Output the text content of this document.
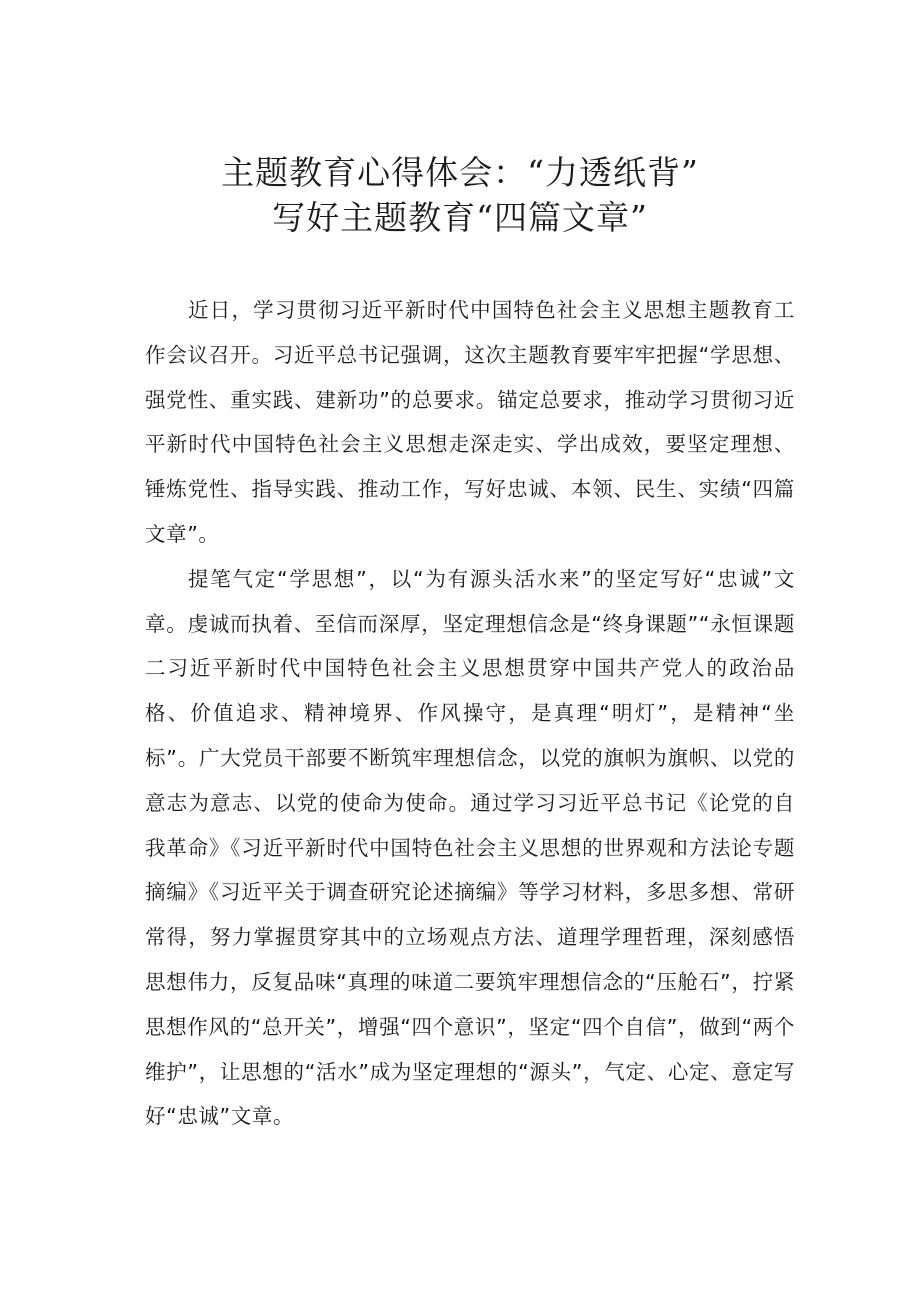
主题教育心得体会：“力透纸背”
写好主题教育“四篇文章”

近日，学习贯彻习近平新时代中国特色社会主义思想主题教育工作会议召开。习近平总书记强调，这次主题教育要牢牢把握“学思想、强党性、重实践、建新功”的总要求。锚定总要求，推动学习贯彻习近平新时代中国特色社会主义思想走深走实、学出成效，要坚定理想、锤炼党性、指导实践、推动工作，写好忠诚、本领、民生、实绩“四篇文章”。

提笔气定“学思想”，以“为有源头活水来”的坚定写好“忠诚”文章。虔诚而执着、至信而深厚，坚定理想信念是“终身课题”“永恒课题二习近平新时代中国特色社会主义思想贯穿中国共产党人的政治品格、价值追求、精神境界、作风操守，是真理“明灯”，是精神“坐标”。广大党员干部要不断筑牢理想信念，以党的旗帜为旗帜、以党的意志为意志、以党的使命为使命。通过学习习近平总书记《论党的自我革命》《习近平新时代中国特色社会主义思想的世界观和方法论专题摘编》《习近平关于调查研究论述摘编》等学习材料，多思多想、常研常得，努力掌握贯穿其中的立场观点方法、道理学理哲理，深刻感悟思想伟力，反复品味“真理的味道二要筑牢理想信念的“压舱石”，拧紧思想作风的“总开关”，增强“四个意识”，坚定“四个自信”，做到“两个维护”，让思想的“活水”成为坚定理想的“源头”，气定、心定、意定写好“忠诚”文章。
